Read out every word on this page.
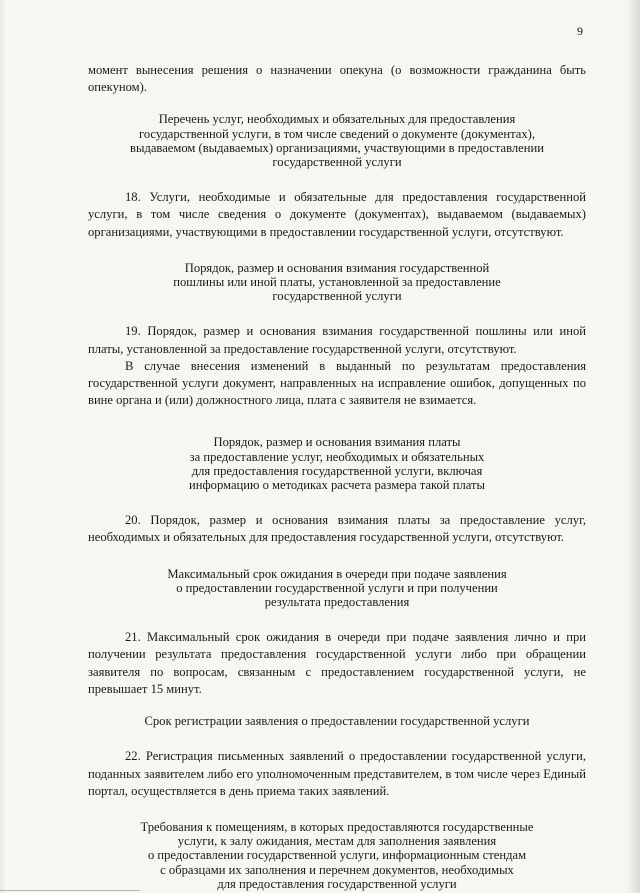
9

момент вынесения решения о назначении опекуна (о возможности гражданина быть опекуном).

Перечень услуг, необходимых и обязательных для предоставления
государственной услуги, в том числе сведений о документе (документах),
выдаваемом (выдаваемых) организациями, участвующими в предоставлении
государственной услуги

18. Услуги, необходимые и обязательные для предоставления государственной услуги, в том числе сведения о документе (документах), выдаваемом (выдаваемых) организациями, участвующими в предоставлении государственной услуги, отсутствуют.

Порядок, размер и основания взимания государственной
пошлины или иной платы, установленной за предоставление
государственной услуги

19. Порядок, размер и основания взимания государственной пошлины или иной платы, установленной за предоставление государственной услуги, отсутствуют.

В случае внесения изменений в выданный по результатам предоставления государственной услуги документ, направленных на исправление ошибок, допущенных по вине органа и (или) должностного лица, плата с заявителя не взимается.

Порядок, размер и основания взимания платы
за предоставление услуг, необходимых и обязательных
для предоставления государственной услуги, включая
информацию о методиках расчета размера такой платы

20. Порядок, размер и основания взимания платы за предоставление услуг, необходимых и обязательных для предоставления государственной услуги, отсутствуют.

Максимальный срок ожидания в очереди при подаче заявления
о предоставлении государственной услуги и при получении
результата предоставления

21. Максимальный срок ожидания в очереди при подаче заявления лично и при получении результата предоставления государственной услуги либо при обращении заявителя по вопросам, связанным с предоставлением государственной услуги, не превышает 15 минут.

Срок регистрации заявления о предоставлении государственной услуги

22. Регистрация письменных заявлений о предоставлении государственной услуги, поданных заявителем либо его уполномоченным представителем, в том числе через Единый портал, осуществляется в день приема таких заявлений.

Требования к помещениям, в которых предоставляются государственные
услуги, к залу ожидания, местам для заполнения заявления
о предоставлении государственной услуги, информационным стендам
с образцами их заполнения и перечнем документов, необходимых
для предоставления государственной услуги
